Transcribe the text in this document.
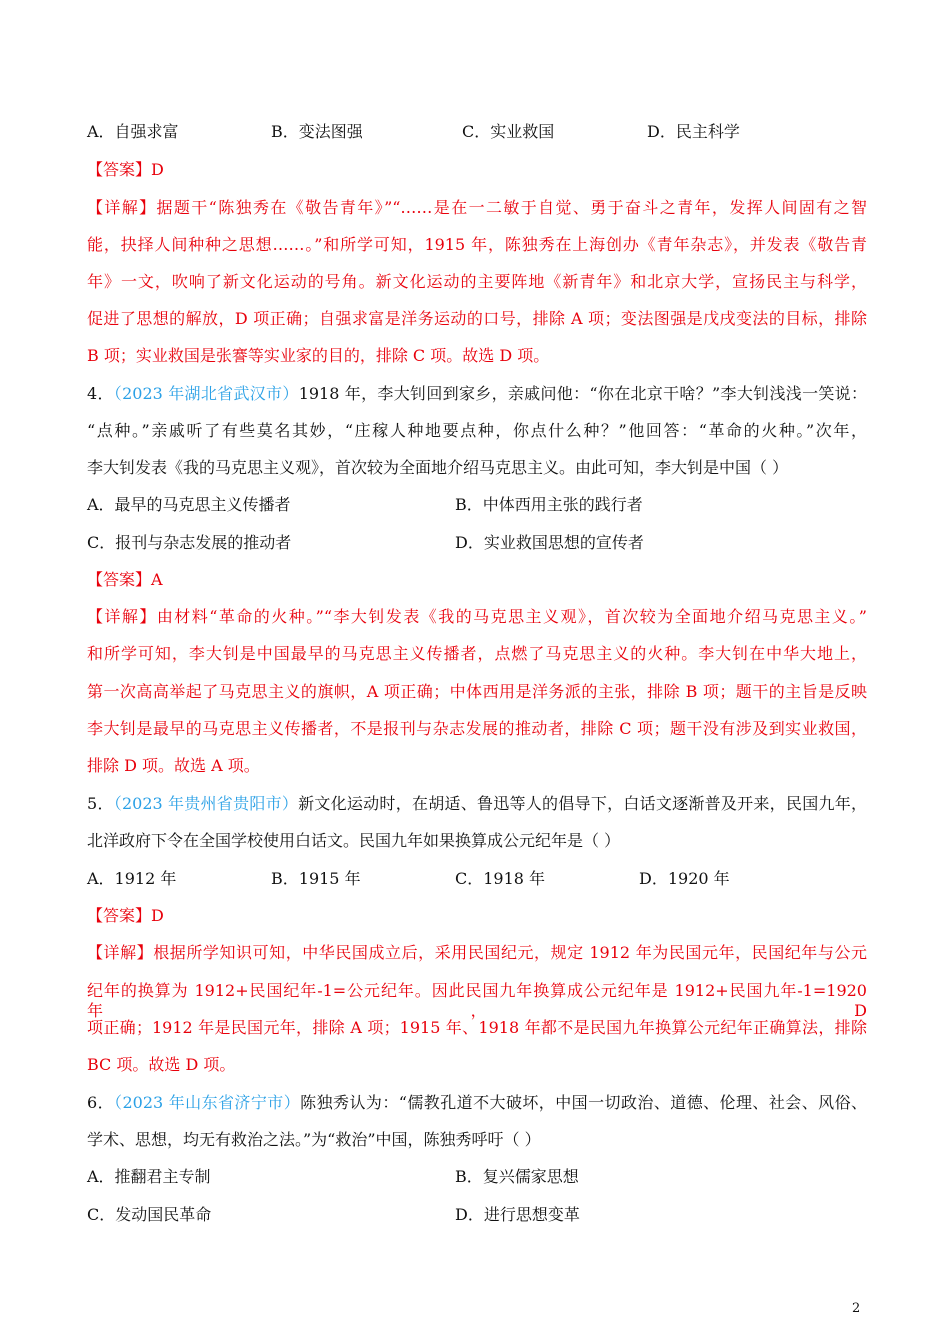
A．自强求富	B．变法图强	C．实业救国	D．民主科学
【答案】D
【详解】据题干“陈独秀在《敬告青年》”“……是在一二敏于自觉、勇于奋斗之青年，发挥人间固有之智
能，抉择人间种种之思想……。”和所学可知，1915 年，陈独秀在上海创办《青年杂志》，并发表《敬告青
年》一文，吹响了新文化运动的号角。新文化运动的主要阵地《新青年》和北京大学，宣扬民主与科学，
促进了思想的解放，D 项正确；自强求富是洋务运动的口号，排除 A 项；变法图强是戊戌变法的目标，排除
B 项；实业救国是张謇等实业家的目的，排除 C 项。故选 D 项。
4．（2023 年湖北省武汉市）1918 年，李大钊回到家乡，亲戚问他：“你在北京干啥？”李大钊浅浅一笑说：
“点种。”亲戚听了有些莫名其妙，“庄稼人种地要点种，你点什么种？”他回答：“革命的火种。”次年，
李大钊发表《我的马克思主义观》，首次较为全面地介绍马克思主义。由此可知，李大钊是中国（ ）
A．最早的马克思主义传播者	B．中体西用主张的践行者
C．报刊与杂志发展的推动者	D．实业救国思想的宣传者
【答案】A
【详解】由材料“革命的火种。”“李大钊发表《我的马克思主义观》，首次较为全面地介绍马克思主义。”
和所学可知，李大钊是中国最早的马克思主义传播者，点燃了马克思主义的火种。李大钊在中华大地上，
第一次高高举起了马克思主义的旗帜，A 项正确；中体西用是洋务派的主张，排除 B 项；题干的主旨是反映
李大钊是最早的马克思主义传播者，不是报刊与杂志发展的推动者，排除 C 项；题干没有涉及到实业救国，
排除 D 项。故选 A 项。
5．（2023 年贵州省贵阳市）新文化运动时，在胡适、鲁迅等人的倡导下，白话文逐渐普及开来，民国九年，
北洋政府下令在全国学校使用白话文。民国九年如果换算成公元纪年是（ ）
A．1912 年	B．1915 年	C．1918 年	D．1920 年
【答案】D
【详解】根据所学知识可知，中华民国成立后，采用民国纪元，规定 1912 年为民国元年，民国纪年与公元
纪年的换算为 1912+民国纪年-1=公元纪年。因此民国九年换算成公元纪年是 1912+民国九年-1=1920 年，D
项正确；1912 年是民国元年，排除 A 项；1915 年、1918 年都不是民国九年换算公元纪年正确算法，排除
BC 项。故选 D 项。
6．（2023 年山东省济宁市）陈独秀认为：“儒教孔道不大破坏，中国一切政治、道德、伦理、社会、风俗、
学术、思想，均无有救治之法。”为“救治”中国，陈独秀呼吁（ ）
A．推翻君主专制	B．复兴儒家思想
C．发动国民革命	D．进行思想变革
2
